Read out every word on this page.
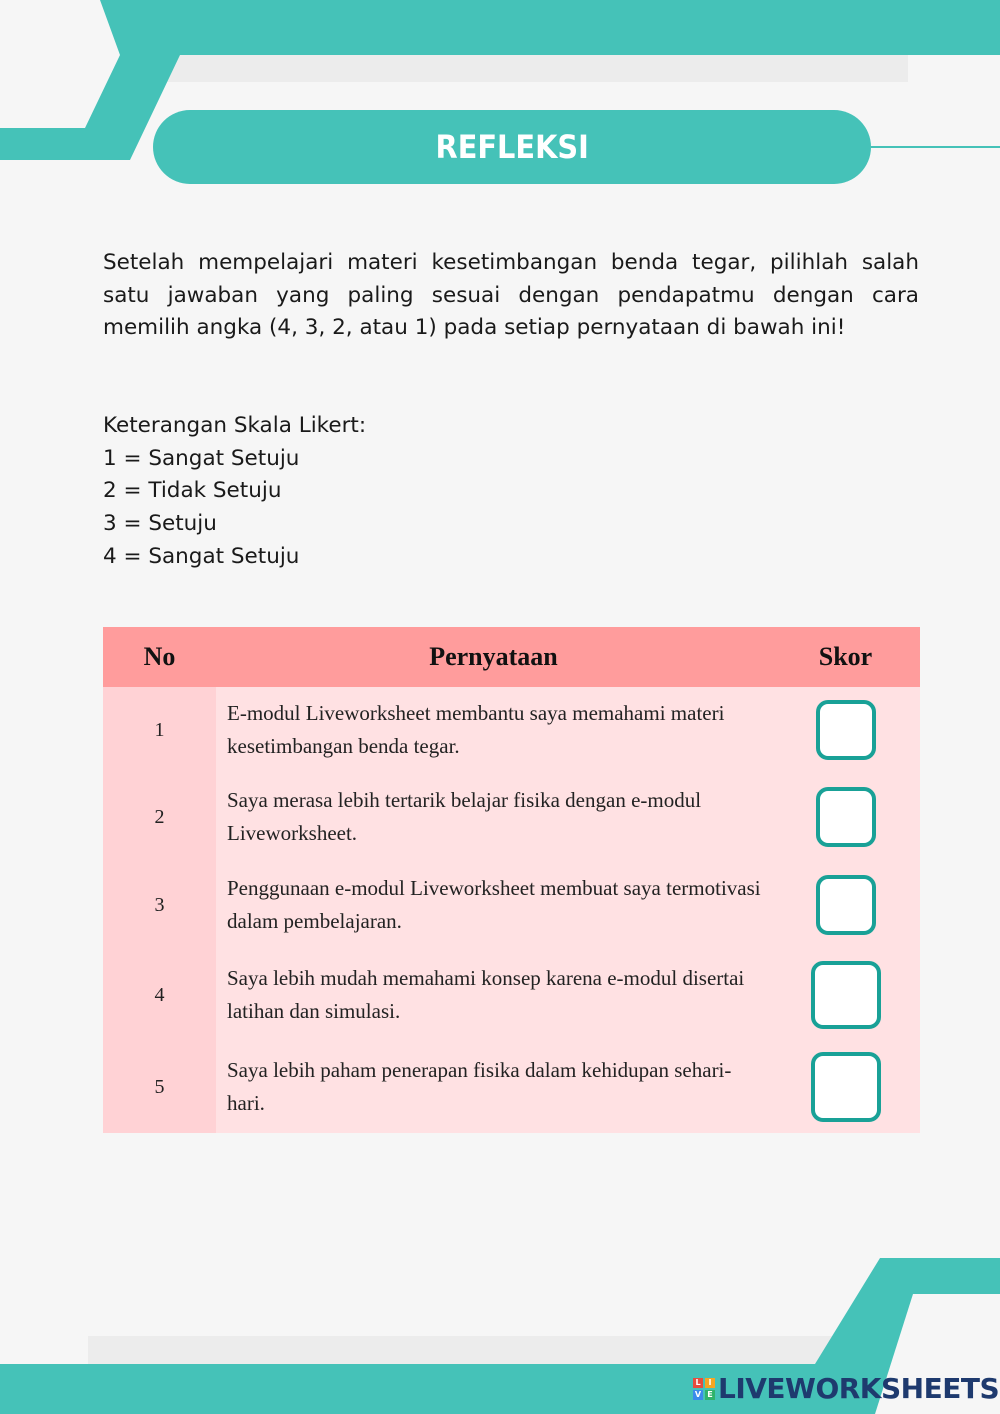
REFLEKSI

Setelah mempelajari materi kesetimbangan benda tegar, pilihlah salah satu jawaban yang paling sesuai dengan pendapatmu dengan cara memilih angka (4, 3, 2, atau 1) pada setiap pernyataan di bawah ini!

Keterangan Skala Likert:
1 = Sangat Setuju
2 = Tidak Setuju
3 = Setuju
4 = Sangat Setuju
No	Pernyataan	Skor
1	E-modul Liveworksheet membantu saya memahami materi kesetimbangan benda tegar.	
2	Saya merasa lebih tertarik belajar fisika dengan e-modul Liveworksheet.	
3	Penggunaan e-modul Liveworksheet membuat saya termotivasi dalam pembelajaran.	
4	Saya lebih mudah memahami konsep karena e-modul disertai latihan dan simulasi.	
5	Saya lebih paham penerapan fisika dalam kehidupan sehari-hari.	
L I
V E LIVEWORKSHEETS
